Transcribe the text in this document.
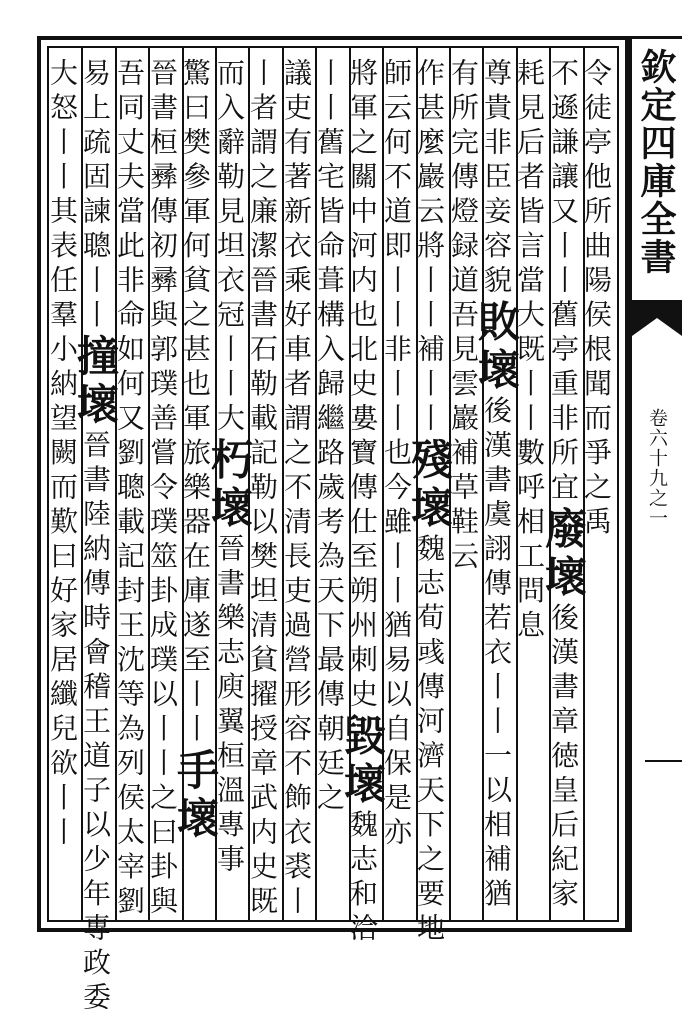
欽定四庫全書
卷六十九之一
令徒亭他所曲陽侯根聞而爭之禹
不遜謙讓又丨丨舊亭重非所宜廢壞後漢書章徳皇后紀家
耗見后者皆言當大既丨丨數呼相工問息
尊貴非臣妾容貌敗壞後漢書虞詡傳若衣丨丨一以相補猶
有所完傳燈録道吾見雲巖補草鞋云
作甚麼巖云將丨丨補丨丨殘壞魏志荀彧傳河濟天下之要地
師云何不道即丨丨非丨丨也今雖丨丨猶易以自保是亦
將軍之關中河内也北史婁寶傳仕至朔州刺史毀壞魏志和洽
丨丨舊宅皆命葺構入歸繼路歲考為天下最傳朝廷之
議吏有著新衣乘好車者謂之不清長吏過營形容不飾衣裘丨
丨者謂之廉潔晉書石勒載記勒以樊坦清貧擢授章武内史既
而入辭勒見坦衣冠丨丨大朽壞晉書樂志庾翼桓溫專事
驚曰樊參軍何貧之甚也軍旅樂器在庫遂至丨丨手壞
晉書桓彞傳初彞與郭璞善嘗令璞筮卦成璞以丨丨之曰卦與
吾同丈夫當此非命如何又劉聰載記封王沈等為列侯太宰劉
易上疏固諫聰丨丨撞壞晉書陸納傳時會稽王道子以少年專政委
大怒丨丨其表任羣小納望闕而歎曰好家居纖兒欲丨丨
